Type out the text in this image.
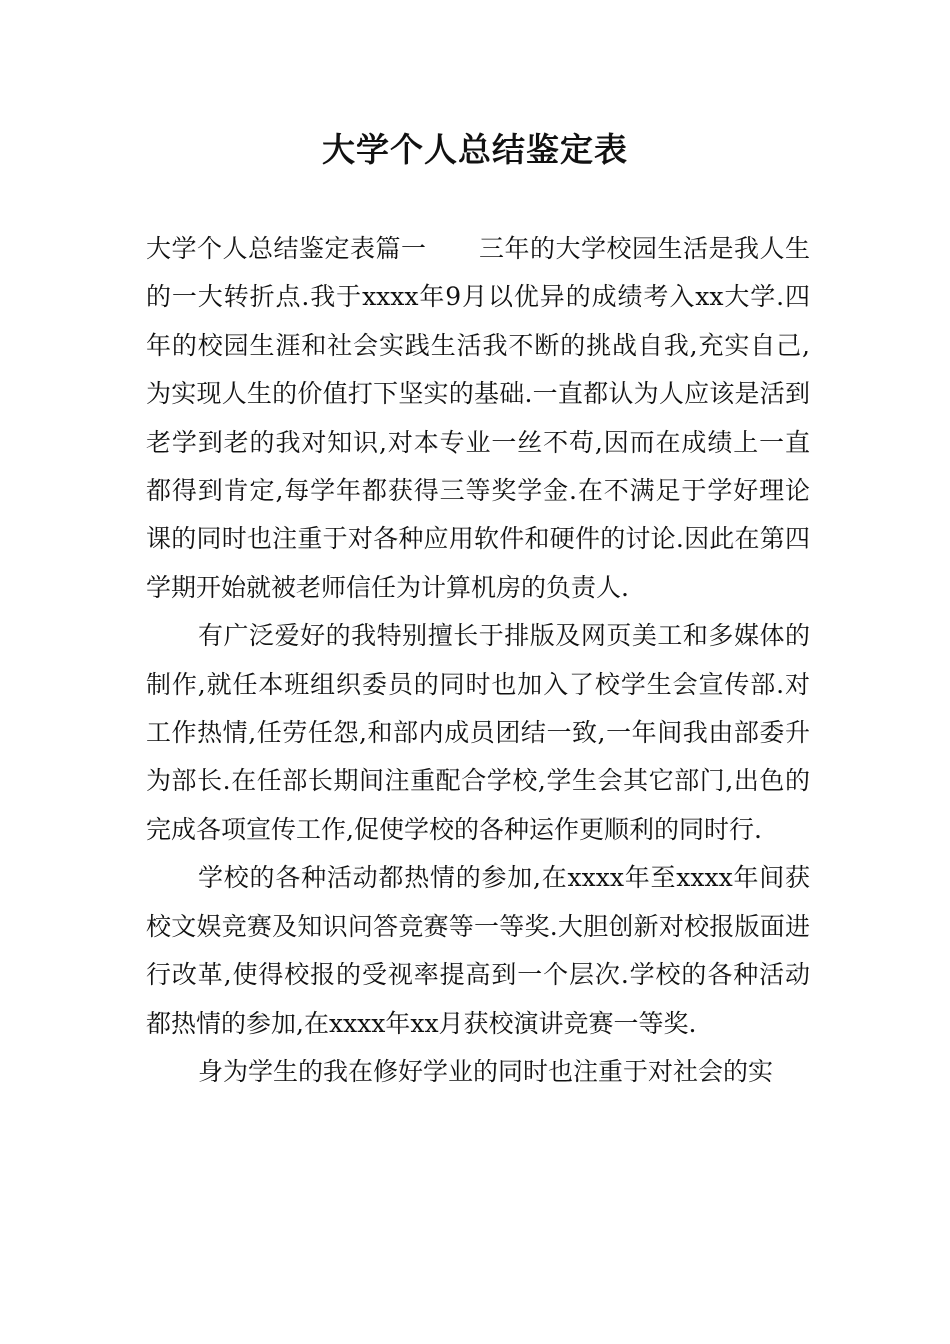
大学个人总结鉴定表

大学个人总结鉴定表篇一 三年的大学校园生活是我人生的一大转折点.我于xxxx年9月以优异的成绩考入xx大学.四年的校园生涯和社会实践生活我不断的挑战自我,充实自己,为实现人生的价值打下坚实的基础.一直都认为人应该是活到老学到老的我对知识,对本专业一丝不苟,因而在成绩上一直都得到肯定,每学年都获得三等奖学金.在不满足于学好理论课的同时也注重于对各种应用软件和硬件的讨论.因此在第四学期开始就被老师信任为计算机房的负责人.

有广泛爱好的我特别擅长于排版及网页美工和多媒体的制作,就任本班组织委员的同时也加入了校学生会宣传部.对工作热情,任劳任怨,和部内成员团结一致,一年间我由部委升为部长.在任部长期间注重配合学校,学生会其它部门,出色的完成各项宣传工作,促使学校的各种运作更顺利的同时行.

学校的各种活动都热情的参加,在xxxx年至xxxx年间获校文娱竞赛及知识问答竞赛等一等奖.大胆创新对校报版面进行改革,使得校报的受视率提高到一个层次.学校的各种活动都热情的参加,在xxxx年xx月获校演讲竞赛一等奖.

身为学生的我在修好学业的同时也注重于对社会的实
